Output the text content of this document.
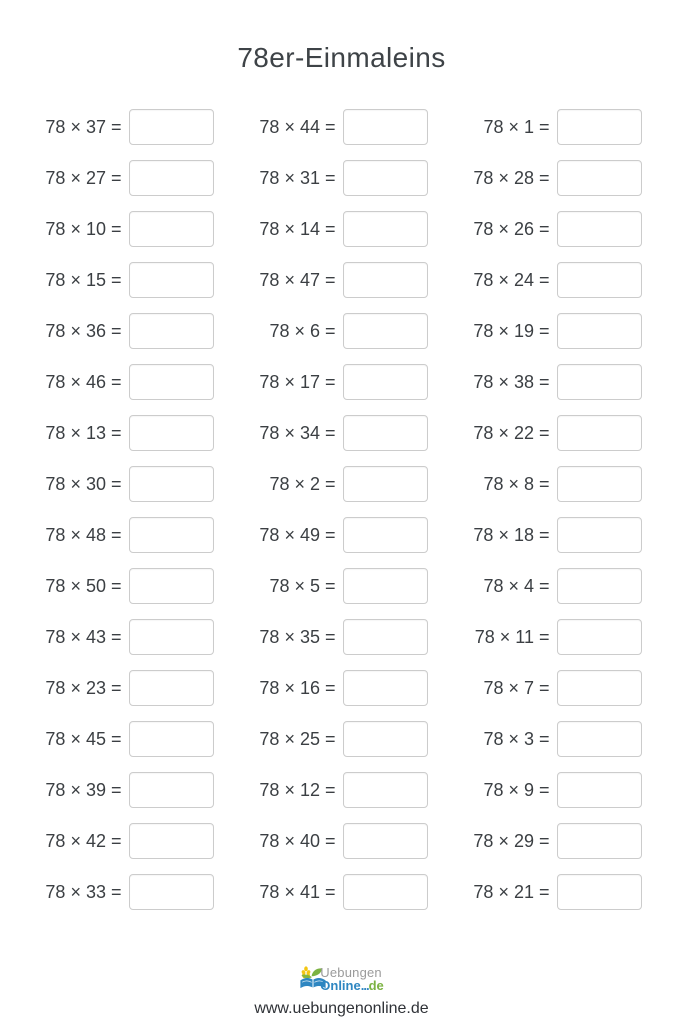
78er-Einmaleins
78 × 37 =	78 × 44 =	78 × 1 =
78 × 27 =	78 × 31 =	78 × 28 =
78 × 10 =	78 × 14 =	78 × 26 =
78 × 15 =	78 × 47 =	78 × 24 =
78 × 36 =	78 × 6 =	78 × 19 =
78 × 46 =	78 × 17 =	78 × 38 =
78 × 13 =	78 × 34 =	78 × 22 =
78 × 30 =	78 × 2 =	78 × 8 =
78 × 48 =	78 × 49 =	78 × 18 =
78 × 50 =	78 × 5 =	78 × 4 =
78 × 43 =	78 × 35 =	78 × 11 =
78 × 23 =	78 × 16 =	78 × 7 =
78 × 45 =	78 × 25 =	78 × 3 =
78 × 39 =	78 × 12 =	78 × 9 =
78 × 42 =	78 × 40 =	78 × 29 =
78 × 33 =	78 × 41 =	78 × 21 =
Uebungen
Online...de
www.uebungenonline.de
